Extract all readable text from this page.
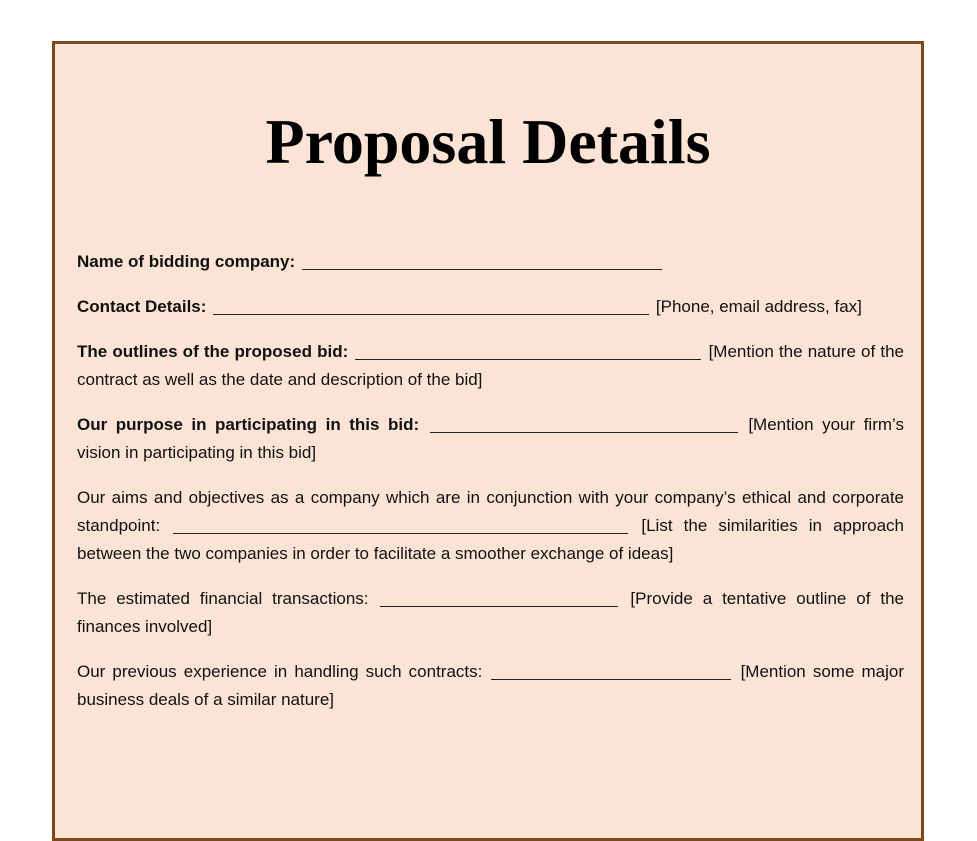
Proposal Details

Name of bidding company:

Contact Details:	[Phone, email address, fax]

The outlines of the proposed bid:	[Mention the nature of the contract as well as the date and description of the bid]

Our purpose in participating in this bid:	[Mention your firm’s vision in participating in this bid]

Our aims and objectives as a company which are in conjunction with your company’s ethical and corporate standpoint:	[List the similarities in approach between the two companies in order to facilitate a smoother exchange of ideas]

The estimated financial transactions:	[Provide a tentative outline of the finances involved]

Our previous experience in handling such contracts:	[Mention some major business deals of a similar nature]
